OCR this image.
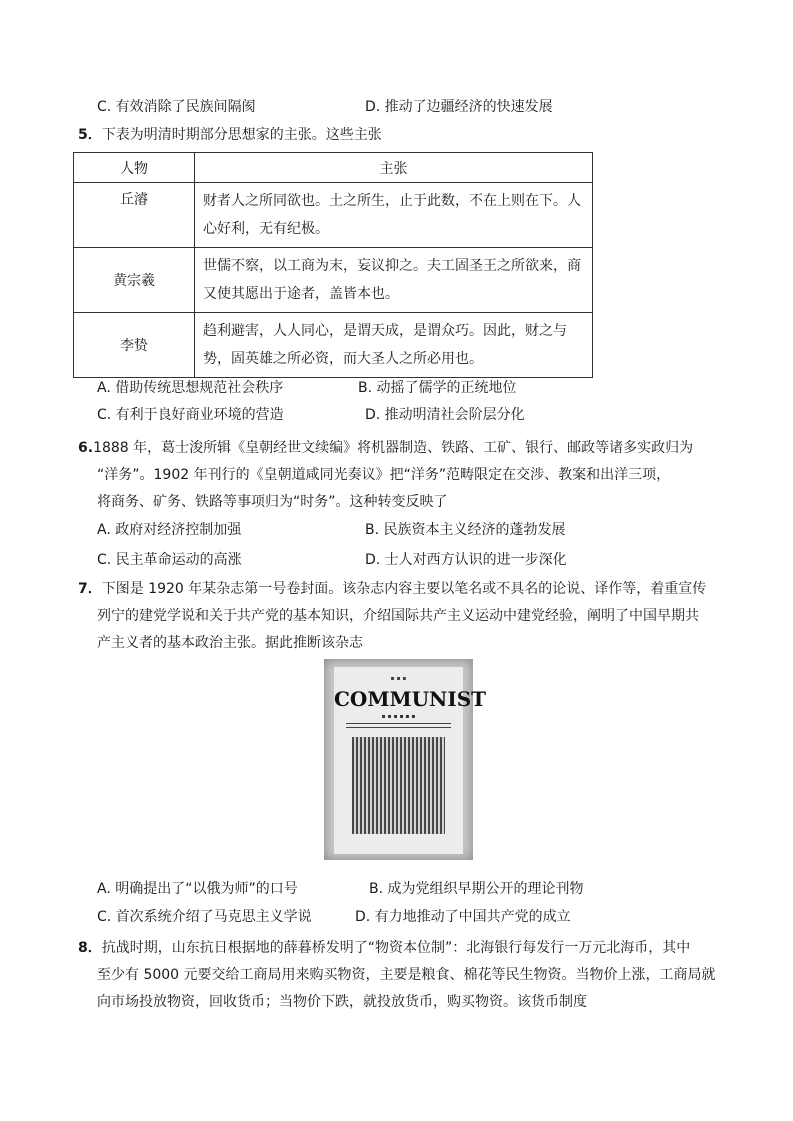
C. 有效消除了民族间隔阂	D. 推动了边疆经济的快速发展
5．下表为明清时期部分思想家的主张。这些主张
人物	主张
丘濬	财者人之所同欲也。土之所生，止于此数，不在上则在下。人心好利，无有纪极。
黄宗羲	世儒不察，以工商为末，妄议抑之。夫工固圣王之所欲来，商又使其愿出于途者，盖皆本也。
李贽	趋利避害，人人同心，是谓天成，是谓众巧。因此，财之与势，固英雄之所必资，而大圣人之所必用也。
A. 借助传统思想规范社会秩序	B. 动摇了儒学的正统地位
C. 有利于良好商业环境的营造	D. 推动明清社会阶层分化
6.1888 年，葛士浚所辑《皇朝经世文续编》将机器制造、铁路、工矿、银行、邮政等诸多实政归为
“洋务”。1902 年刊行的《皇朝道咸同光奏议》把“洋务”范畴限定在交涉、教案和出洋三项，
将商务、矿务、铁路等事项归为“时务”。这种转变反映了
A. 政府对经济控制加强	B. 民族资本主义经济的蓬勃发展
C. 民主革命运动的高涨	D. 士人对西方认识的进一步深化
7．下图是 1920 年某杂志第一号卷封面。该杂志内容主要以笔名或不具名的论说、译作等，着重宣传
列宁的建党学说和关于共产党的基本知识，介绍国际共产主义运动中建党经验，阐明了中国早期共
产主义者的基本政治主张。据此推断该杂志
▪ ▪ ▪
COMMUNIST
▪ ▪ ▪ ▪ ▪ ▪
A. 明确提出了“以俄为师”的口号	B. 成为党组织早期公开的理论刊物
C. 首次系统介绍了马克思主义学说	D. 有力地推动了中国共产党的成立
8．抗战时期，山东抗日根据地的薛暮桥发明了“物资本位制”：北海银行每发行一万元北海币，其中
至少有 5000 元要交给工商局用来购买物资，主要是粮食、棉花等民生物资。当物价上涨，工商局就
向市场投放物资，回收货币；当物价下跌，就投放货币，购买物资。该货币制度
